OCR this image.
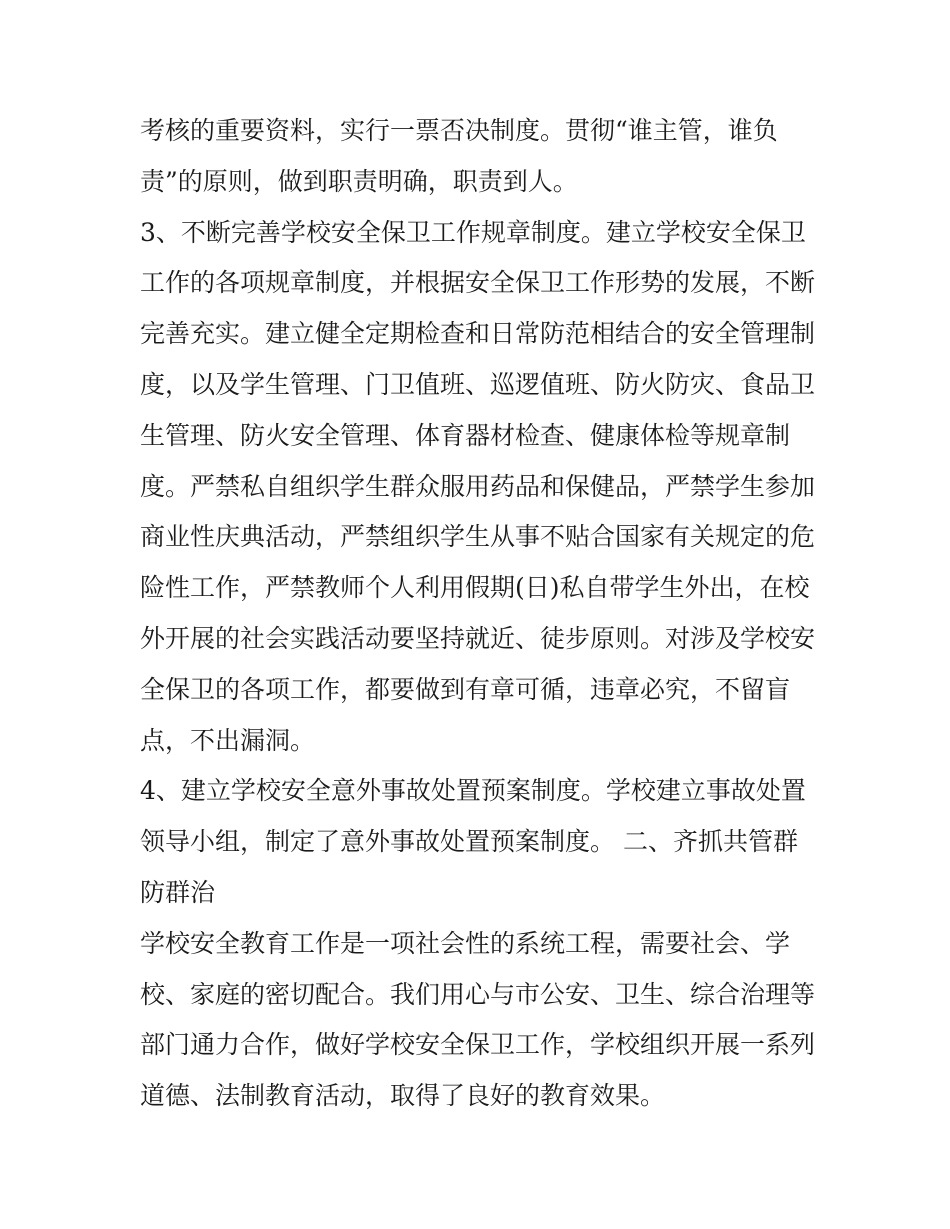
考核的重要资料，实行一票否决制度。贯彻“谁主管，谁负
责”的原则，做到职责明确，职责到人。
3、不断完善学校安全保卫工作规章制度。建立学校安全保卫
工作的各项规章制度，并根据安全保卫工作形势的发展，不断
完善充实。建立健全定期检查和日常防范相结合的安全管理制
度，以及学生管理、门卫值班、巡逻值班、防火防灾、食品卫
生管理、防火安全管理、体育器材检查、健康体检等规章制
度。严禁私自组织学生群众服用药品和保健品，严禁学生参加
商业性庆典活动，严禁组织学生从事不贴合国家有关规定的危
险性工作，严禁教师个人利用假期(日)私自带学生外出，在校
外开展的社会实践活动要坚持就近、徒步原则。对涉及学校安
全保卫的各项工作，都要做到有章可循，违章必究，不留盲
点，不出漏洞。
4、建立学校安全意外事故处置预案制度。学校建立事故处置
领导小组，制定了意外事故处置预案制度。 二、齐抓共管群
防群治
学校安全教育工作是一项社会性的系统工程，需要社会、学
校、家庭的密切配合。我们用心与市公安、卫生、综合治理等
部门通力合作，做好学校安全保卫工作，学校组织开展一系列
道德、法制教育活动，取得了良好的教育效果。
